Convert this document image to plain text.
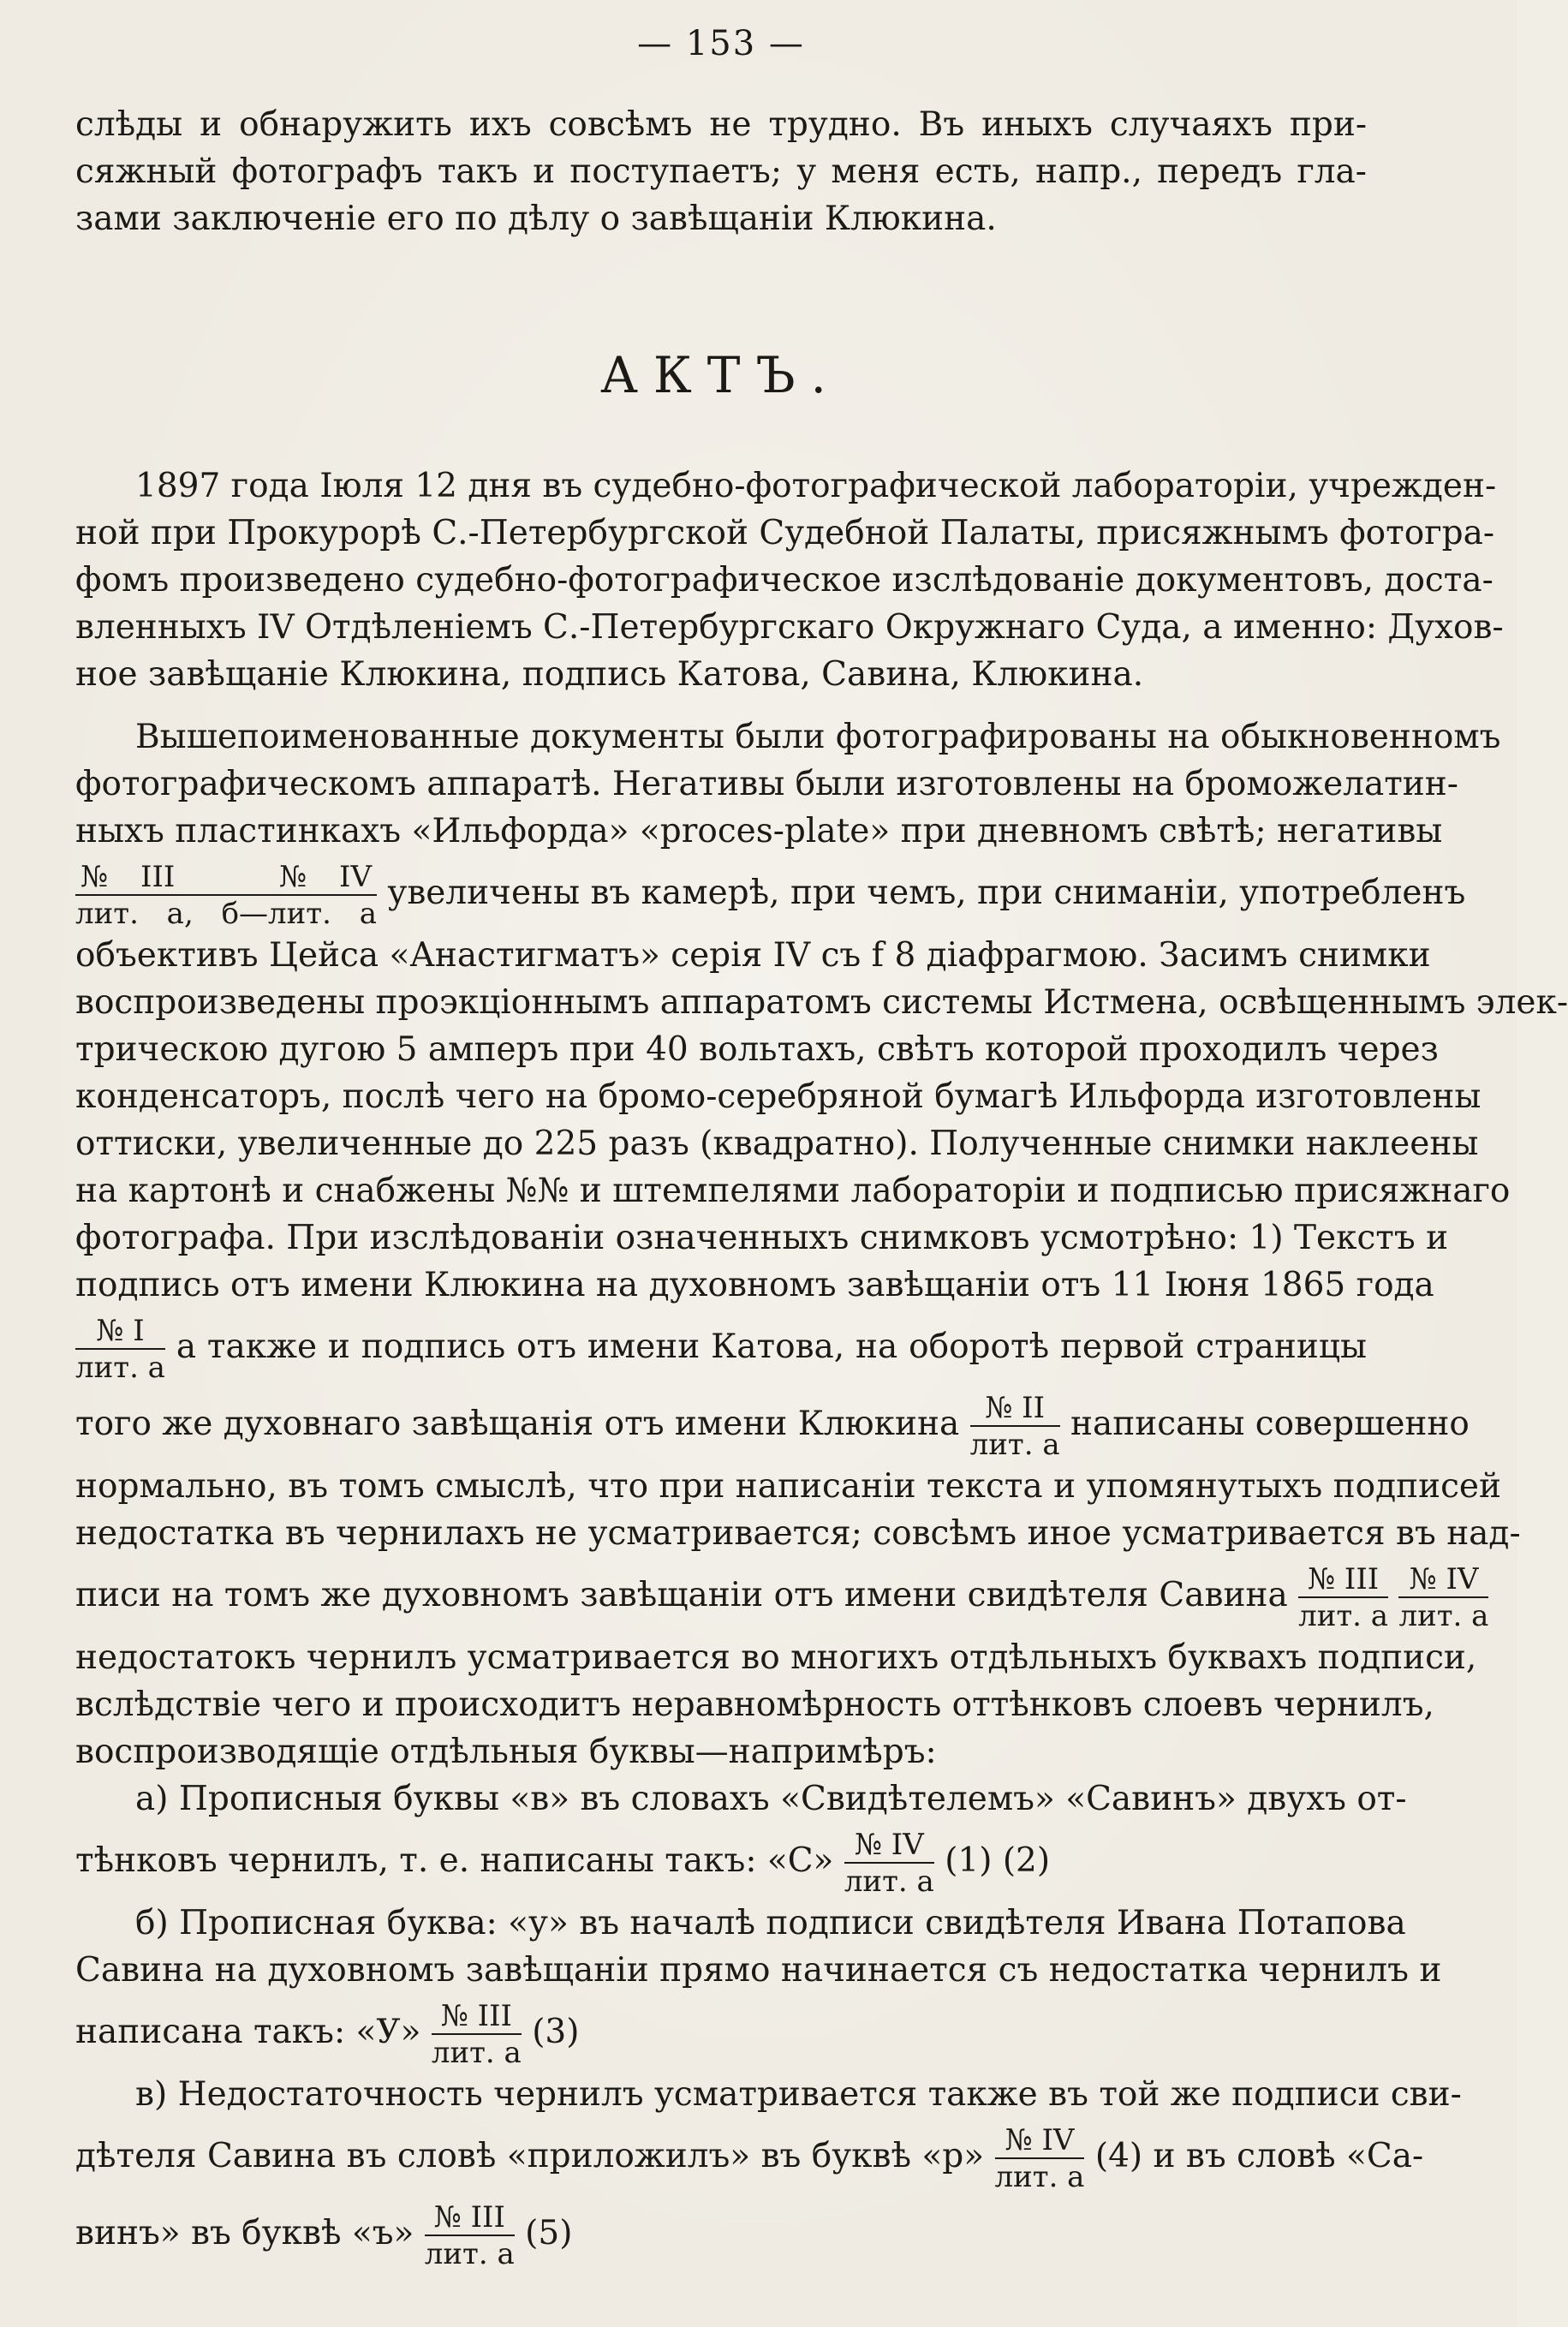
— 153 —
слѣды и обнаружить ихъ совсѣмъ не трудно. Въ иныхъ случаяхъ при-
сяжный фотографъ такъ и поступаетъ; у меня есть, напр., передъ гла-
зами заключеніе его по дѣлу о завѣщаніи Клюкина.
АКТЪ.
1897 года Іюля 12 дня въ судебно-фотографической лабораторіи, учрежден-
ной при Прокурорѣ С.-Петербургской Судебной Палаты, присяжнымъ фотогра-
фомъ произведено судебно-фотографическое изслѣдованіе документовъ, доста-
вленныхъ IV Отдѣленіемъ С.-Петербургскаго Окружнаго Суда, а именно: Духов-
ное завѣщаніе Клюкина, подпись Катова, Савина, Клюкина.
Вышепоименованные документы были фотографированы на обыкновенномъ
фотографическомъ аппаратѣ. Негативы были изготовлены на броможелатин-
ныхъ пластинкахъ «Ильфорда» «proces-plate» при дневномъ свѣтѣ; негативы
№ III	№ IV
лит. а, б—лит. а увеличены въ камерѣ, при чемъ, при сниманіи, употребленъ
объективъ Цейса «Анастигматъ» серія IV съ f 8 діафрагмою. Засимъ снимки
воспроизведены проэкціоннымъ аппаратомъ системы Истмена, освѣщеннымъ элек-
трическою дугою 5 амперъ при 40 вольтахъ, свѣтъ которой проходилъ через
конденсаторъ, послѣ чего на бромо-серебряной бумагѣ Ильфорда изготовлены
оттиски, увеличенные до 225 разъ (квадратно). Полученные снимки наклеены
на картонѣ и снабжены №№ и штемпелями лабораторіи и подписью присяжнаго
фотографа. При изслѣдованіи означенныхъ снимковъ усмотрѣно: 1) Текстъ и
подпись отъ имени Клюкина на духовномъ завѣщаніи отъ 11 Іюня 1865 года
$\frac{№ I}{\text{лит. а}}$ а также и подпись отъ имени Катова, на оборотѣ первой страницы
того же духовнаго завѣщанія отъ имени Клюкина $\frac{№ II}{\text{лит. а}}$ написаны совершенно
нормально, въ томъ смыслѣ, что при написаніи текста и упомянутыхъ подписей
недостатка въ чернилахъ не усматривается; совсѣмъ иное усматривается въ над-
писи на томъ же духовномъ завѣщаніи отъ имени свидѣтеля Савина $\frac{\text{№ III}}{\text{лит. а}}$
$\frac{№ IV}{\text{лит. а}}$
недостатокъ чернилъ усматривается во многихъ отдѣльныхъ буквахъ подписи,
вслѣдствіе чего и происходитъ неравномѣрность оттѣнковъ слоевъ чернилъ,
воспроизводящіе отдѣльныя буквы—напримѣръ:
а) Прописныя буквы «в» въ словахъ «Свидѣтелемъ» «Савинъ» двухъ от-
тѣнковъ чернилъ, т. е. написаны такъ: «С» $\frac{№ IV}{\text{лит. а}} (1)$ (2)
б) Прописная буква: «у» въ началѣ подписи свидѣтеля Ивана Потапова
Савина на духовномъ завѣщаніи прямо начинается съ недостатка чернилъ и
написана такъ: «У» $\frac{\text{№ III}}{\text{лит. а}} (3)$
в) Недостаточность чернилъ усматривается также въ той же подписи сви-
дѣтеля Савина въ словѣ «приложилъ» въ буквѣ «р» $\frac{№ IV}{\text{лит. а}} (4)$ и въ словѣ «Са-
винъ» въ буквѣ «ъ» $\frac{\text{№ III}}{\text{лит. а}} (5)$
